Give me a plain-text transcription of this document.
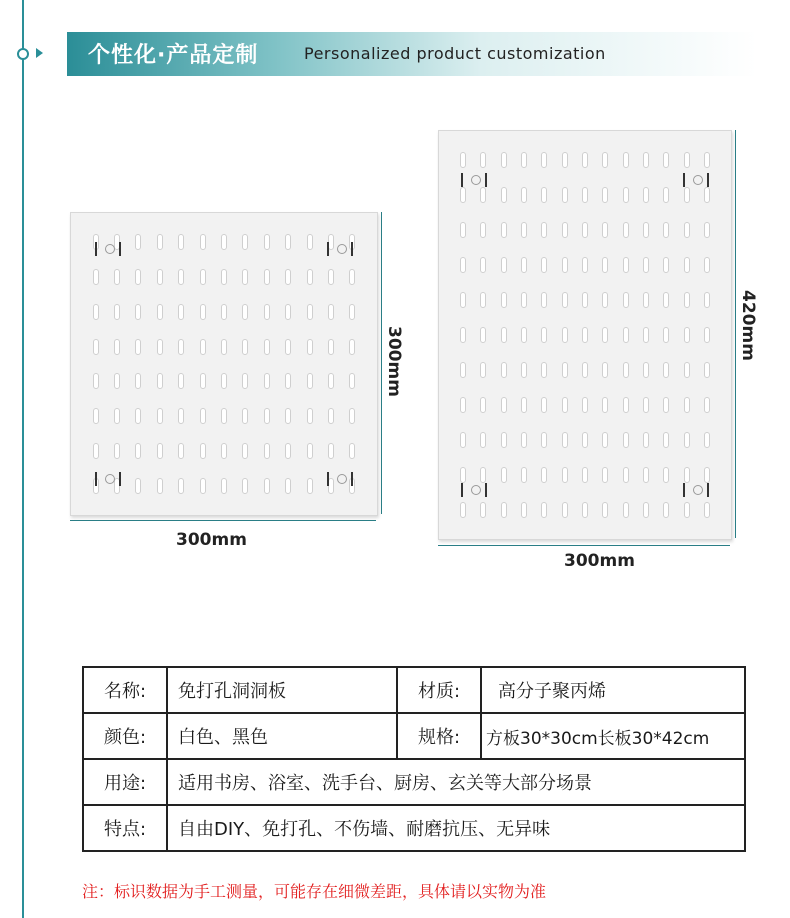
个性化·产品定制	Personalized product customization
300mm
300mm
300mm
420mm
名称:	免打孔洞洞板	材质:	高分子聚丙烯
颜色:	白色、黑色	规格:	方板30*30cm长板30*42cm
用途:	适用书房、浴室、洗手台、厨房、玄关等大部分场景		
特点:	自由DIY、免打孔、不伤墙、耐磨抗压、无异味		
注：标识数据为手工测量，可能存在细微差距，具体请以实物为准
